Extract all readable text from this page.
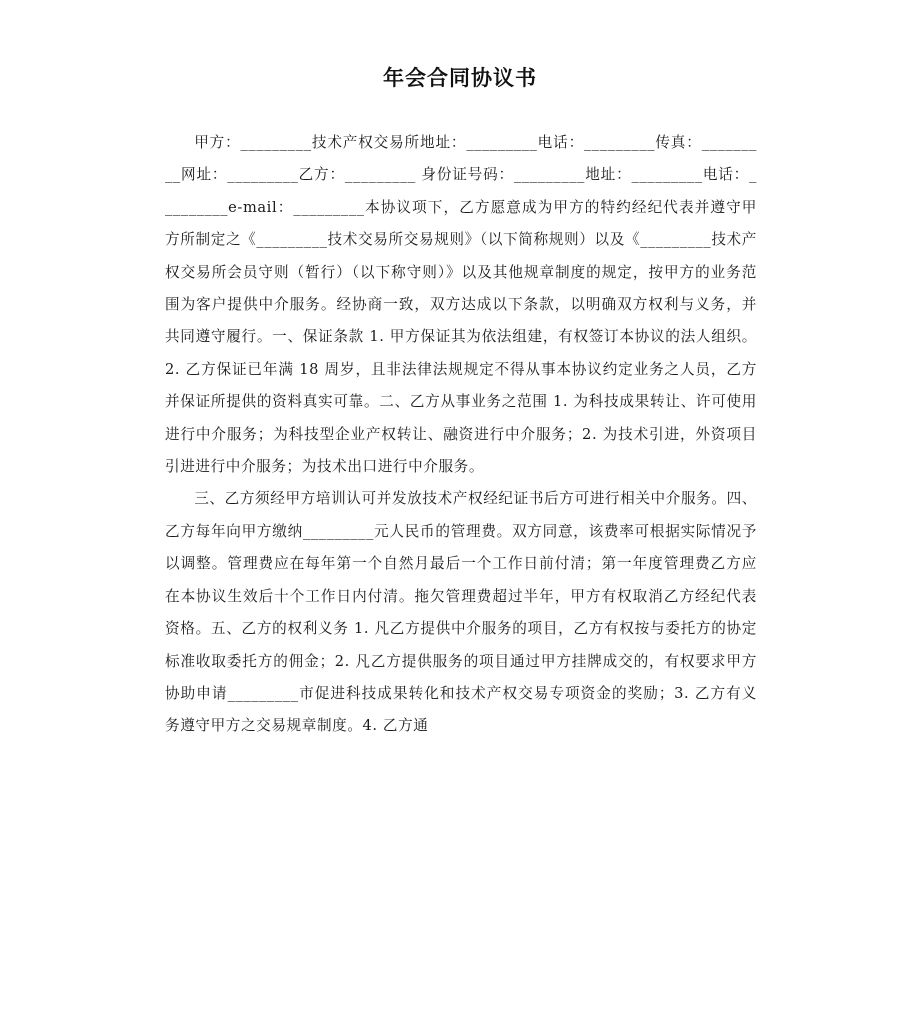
年会合同协议书

甲方：_________技术产权交易所地址：_________电话：_________传真：_________网址：_________乙方：_________ 身份证号码：_________地址：_________电话：_________e-mail：_________本协议项下，乙方愿意成为甲方的特约经纪代表并遵守甲方所制定之《_________技术交易所交易规则》（以下简称规则）以及《_________技术产权交易所会员守则（暂行）（以下称守则）》以及其他规章制度的规定，按甲方的业务范围为客户提供中介服务。经协商一致，双方达成以下条款，以明确双方权利与义务，并共同遵守履行。一、保证条款 1. 甲方保证其为依法组建，有权签订本协议的法人组织。2. 乙方保证已年满 18 周岁，且非法律法规规定不得从事本协议约定业务之人员，乙方并保证所提供的资料真实可靠。二、乙方从事业务之范围 1. 为科技成果转让、许可使用进行中介服务；为科技型企业产权转让、融资进行中介服务；2. 为技术引进，外资项目引进进行中介服务；为技术出口进行中介服务。

三、乙方须经甲方培训认可并发放技术产权经纪证书后方可进行相关中介服务。四、乙方每年向甲方缴纳_________元人民币的管理费。双方同意，该费率可根据实际情况予以调整。管理费应在每年第一个自然月最后一个工作日前付清；第一年度管理费乙方应在本协议生效后十个工作日内付清。拖欠管理费超过半年，甲方有权取消乙方经纪代表资格。五、乙方的权利义务 1. 凡乙方提供中介服务的项目，乙方有权按与委托方的协定标准收取委托方的佣金；2. 凡乙方提供服务的项目通过甲方挂牌成交的，有权要求甲方协助申请_________市促进科技成果转化和技术产权交易专项资金的奖励；3. 乙方有义务遵守甲方之交易规章制度。4. 乙方通
